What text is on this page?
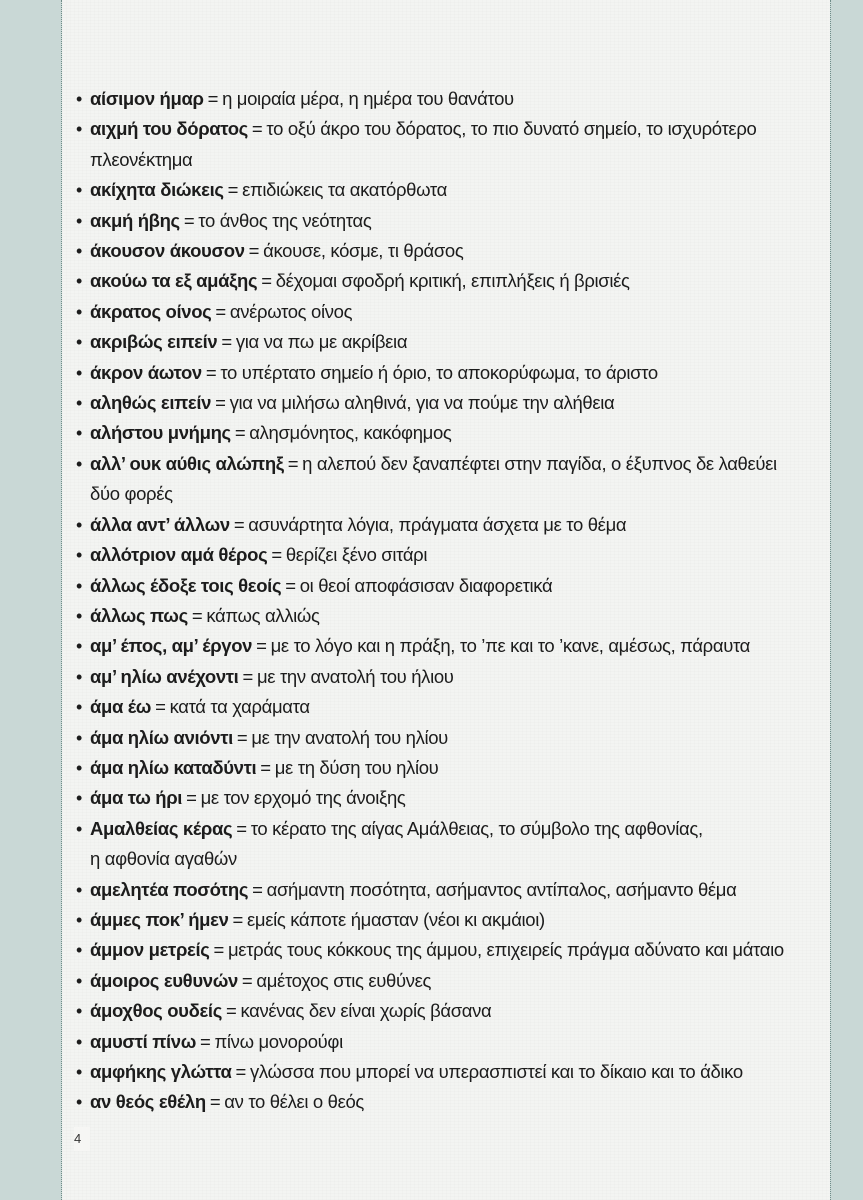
• αίσιμον ήμαρ = η μοιραία μέρα, η ημέρα του θανάτου
• αιχμή του δόρατος = το οξύ άκρο του δόρατος, το πιο δυνατό σημείο, το ισχυρότερο
πλεονέκτημα
• ακίχητα διώκεις = επιδιώκεις τα ακατόρθωτα
• ακμή ήβης = το άνθος της νεότητας
• άκουσον άκουσον = άκουσε, κόσμε, τι θράσος
• ακούω τα εξ αμάξης = δέχομαι σφοδρή κριτική, επιπλήξεις ή βρισιές
• άκρατος οίνος = ανέρωτος οίνος
• ακριβώς ειπείν = για να πω με ακρίβεια
• άκρον άωτον = το υπέρτατο σημείο ή όριο, το αποκορύφωμα, το άριστο
• αληθώς ειπείν = για να μιλήσω αληθινά, για να πούμε την αλήθεια
• αλήστου μνήμης = αλησμόνητος, κακόφημος
• αλλ’ ουκ αύθις αλώπηξ = η αλεπού δεν ξαναπέφτει στην παγίδα, ο έξυπνος δε λαθεύει
δύο φορές
• άλλα αντ’ άλλων = ασυνάρτητα λόγια, πράγματα άσχετα με το θέμα
• αλλότριον αμά θέρος = θερίζει ξένο σιτάρι
• άλλως έδοξε τοις θεοίς = οι θεοί αποφάσισαν διαφορετικά
• άλλως πως = κάπως αλλιώς
• αμ’ έπος, αμ’ έργον = με το λόγο και η πράξη, το ’πε και το ’κανε, αμέσως, πάραυτα
• αμ’ ηλίω ανέχοντι = με την ανατολή του ήλιου
• άμα έω = κατά τα χαράματα
• άμα ηλίω ανιόντι = με την ανατολή του ηλίου
• άμα ηλίω καταδύντι = με τη δύση του ηλίου
• άμα τω ήρι = με τον ερχομό της άνοιξης
• Αμαλθείας κέρας = το κέρατο της αίγας Αμάλθειας, το σύμβολο της αφθονίας,
η αφθονία αγαθών
• αμελητέα ποσότης = ασήμαντη ποσότητα, ασήμαντος αντίπαλος, ασήμαντο θέμα
• άμμες ποκ’ ήμεν = εμείς κάποτε ήμασταν (νέοι κι ακμάιοι)
• άμμον μετρείς = μετράς τους κόκκους της άμμου, επιχειρείς πράγμα αδύνατο και μάταιο
• άμοιρος ευθυνών = αμέτοχος στις ευθύνες
• άμοχθος ουδείς = κανένας δεν είναι χωρίς βάσανα
• αμυστί πίνω = πίνω μονορούφι
• αμφήκης γλώττα = γλώσσα που μπορεί να υπερασπιστεί και το δίκαιο και το άδικο
• αν θεός εθέλη = αν το θέλει ο θεός
4
